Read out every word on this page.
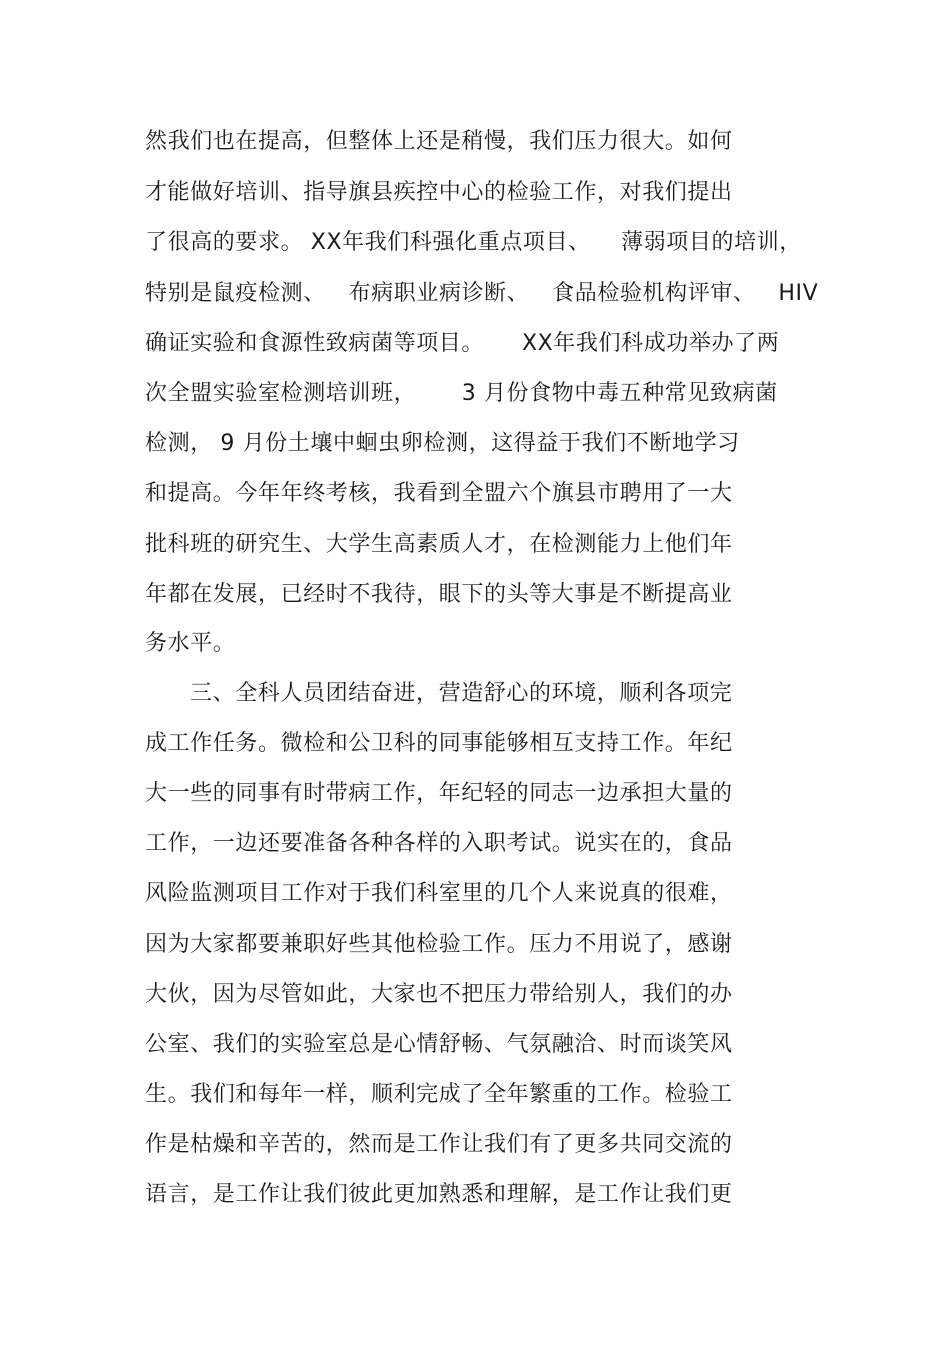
然我们也在提高，但整体上还是稍慢，我们压力很大。如何
才能做好培训、指导旗县疾控中心的检验工作，对我们提出
了很高的要求。 XX年我们科强化重点项目、    薄弱项目的培训，
特别是鼠疫检测、   布病职业病诊断、   食品检验机构评审、   HIV
确证实验和食源性致病菌等项目。     XX年我们科成功举办了两
次全盟实验室检测培训班，      3 月份食物中毒五种常见致病菌
检测， 9 月份土壤中蛔虫卵检测，这得益于我们不断地学习
和提高。今年年终考核，我看到全盟六个旗县市聘用了一大
批科班的研究生、大学生高素质人才，在检测能力上他们年
年都在发展，已经时不我待，眼下的头等大事是不断提高业
务水平。
三、全科人员团结奋进，营造舒心的环境，顺利各项完
成工作任务。微检和公卫科的同事能够相互支持工作。年纪
大一些的同事有时带病工作，年纪轻的同志一边承担大量的
工作，一边还要准备各种各样的入职考试。说实在的，食品
风险监测项目工作对于我们科室里的几个人来说真的很难，
因为大家都要兼职好些其他检验工作。压力不用说了，感谢
大伙，因为尽管如此，大家也不把压力带给别人，我们的办
公室、我们的实验室总是心情舒畅、气氛融洽、时而谈笑风
生。我们和每年一样，顺利完成了全年繁重的工作。检验工
作是枯燥和辛苦的，然而是工作让我们有了更多共同交流的
语言，是工作让我们彼此更加熟悉和理解，是工作让我们更
